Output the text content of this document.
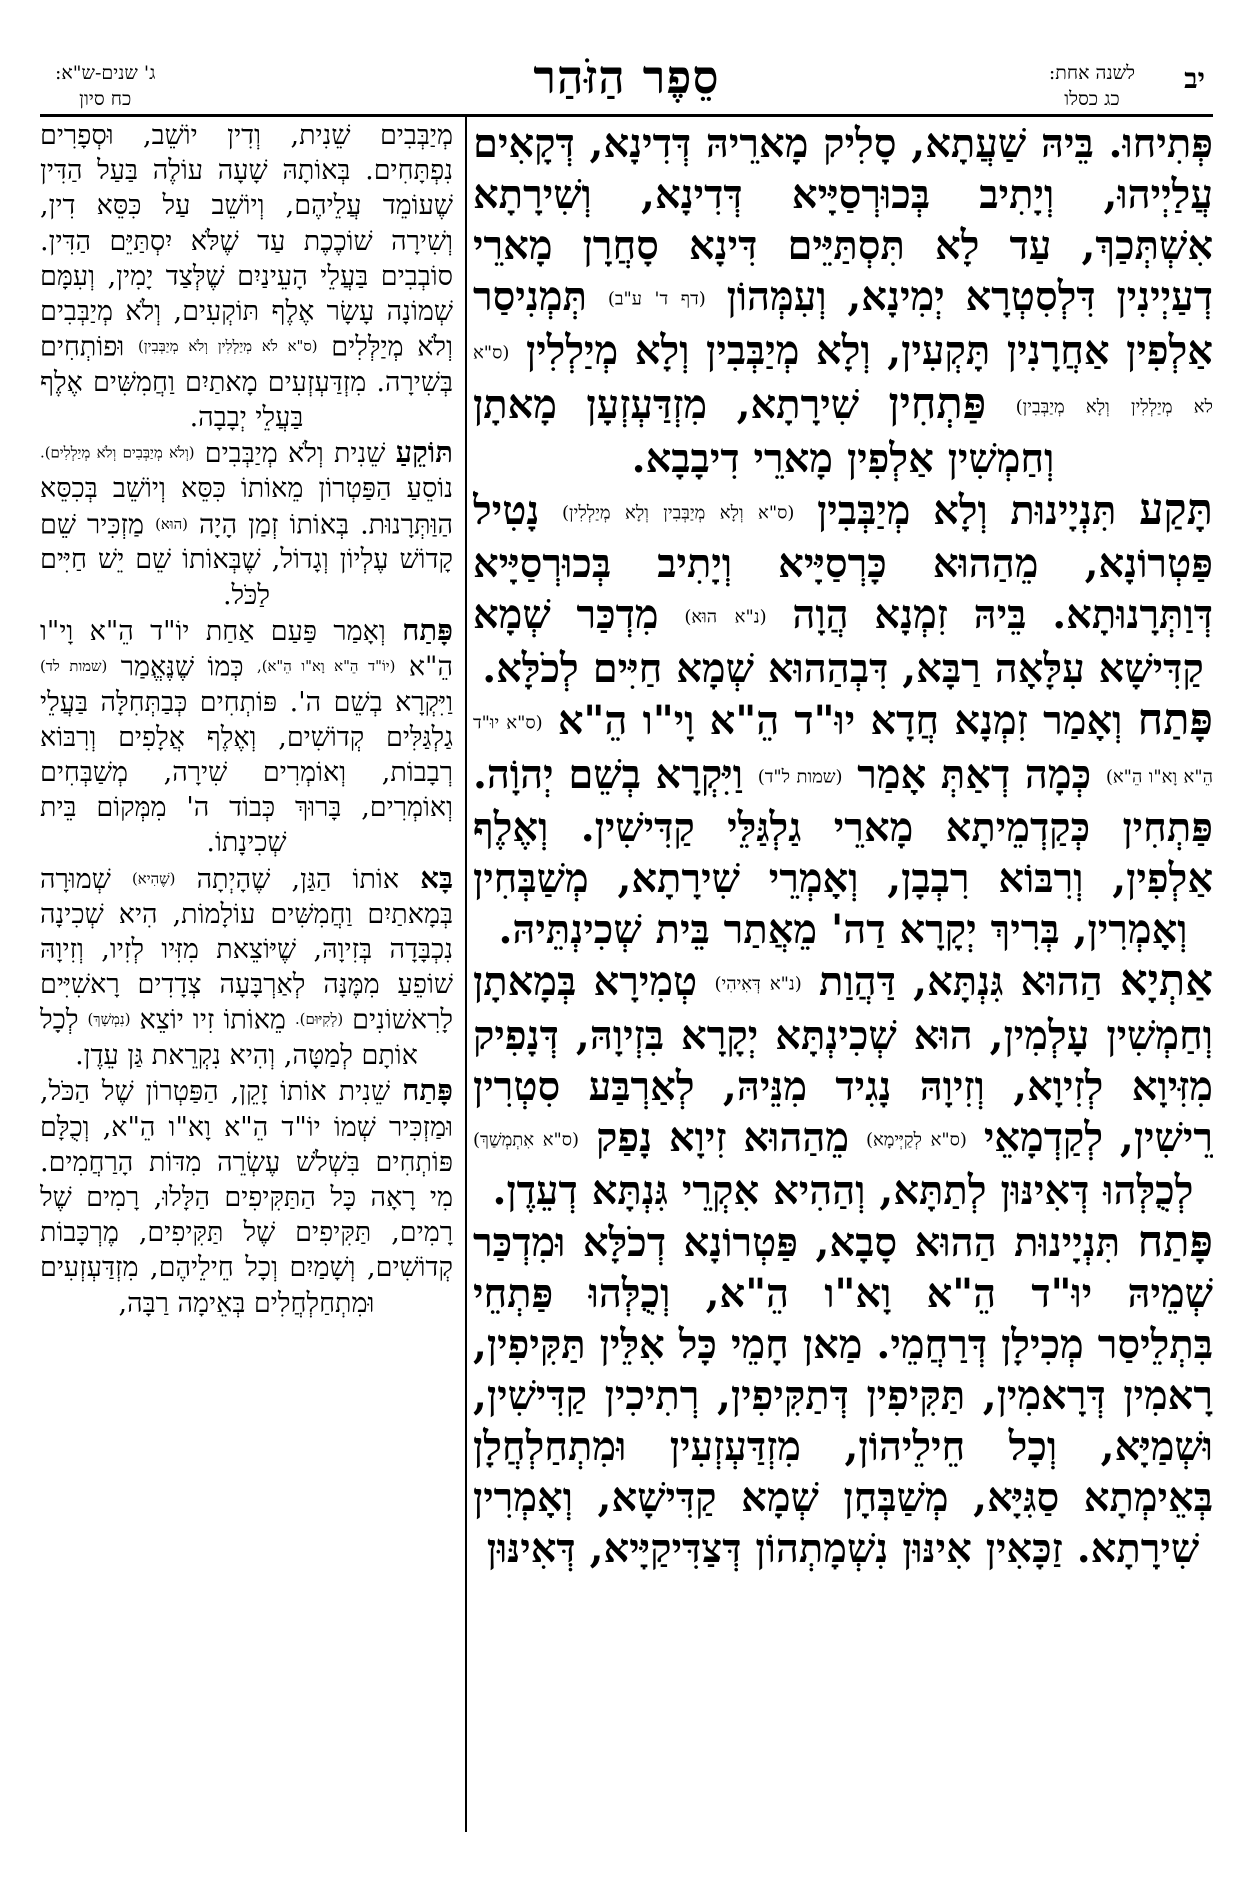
יב
לשנה אחת:
כג כסלו
סֵפֶר הַזֹּהַר
ג' שנים-ש"א:
כח סיון

פְּתִיחוּ. בֵּיהּ שַׁעֲתָא, סָלִיק מָארֵיהּ דְּדִינָא, דְּקָאִים עֲלַיְיהוּ, וְיָתִיב בְּכוּרְסַיָּיא דְּדִינָא, וְשִׁירָתָא אִשְׁתְּכַךְ, עַד לָא תִּסְתַּיֵּים דִּינָא סָחֲרָן מָארֵי דְעַיְינִין דִּלְסִטְרָא יְמִינָא, וְעִמְּהוֹן (דף ד' ע"ב) תְּמְנִיסַר אַלְפִין אַחֲרָנִין תָּקְעִין, וְלָא מְיַבְּבִין וְלָא מְיַלְלִין (ס"א לא מְיַלְלִין וְלָא מְיַבְּבִין) פַּתְחִין שִׁירָתָא, מִזְדַּעְזְעָן מָאתָן וְחַמְשִׁין אַלְפִין מָארֵי דִיבָבָא.

תָּקַע תִּנְיָינוּת וְלָא מְיַבְּבִין (ס"א וְלָא מְיַבְּבִין וְלָא מְיַלְלִין) נָטִיל פַּטְרוֹנָא, מֵהַהוּא כָּרְסַיָּיא וְיָתִיב בְּכוּרְסַיָּיא דְּוַתְּרָנוּתָא. בֵּיהּ זִמְנָא הֲוָה (נ"א הוּא) מִדְכַּר שְׁמָא קַדִּישָׁא עִלָּאָה רַבָּא, דִּבְהַהוּא שְׁמָא חַיִּים לְכֹלָּא.

פָּתַח וְאָמַר זִמְנָא חֲדָא יוּ"ד הֵ"א וָי"ו הֵ"א (ס"א יוּ"ד הֵ"א וָא"ו הֵ"א) כְּמָה דְאַתְּ אָמַר (שמות ל"ד) וַיִּקְרָא בְשֵׁם יְהוָֹה. פַּתְחִין כְּקַדְמֵיתָא מָארֵי גַלְגַּלֵּי קַדִּישִׁין. וְאֶלֶף אַלְפִין, וְרִבּוֹא רִבְבָן, וְאָמְרֵי שִׁירָתָא, מְשַׁבְּחִין וְאָמְרִין, בְּרִיךְ יְקָרָא דַה' מֵאֲתַר בֵּית שְׁכִינְתֵּיהּ.

אַתְיָא הַהוּא גִּנְתָּא, דַּהֲוַת (נ"א דְּאִיהִי) טְמִירָא בְּמָאתָן וְחַמְשִׁין עָלְמִין, הוּא שְׁכִינְתָּא יְקָרָא בִּזְיוָהּ, דְּנָפִיק מִזִּיוָא לְזִיוָא, וְזִיוָהּ נָגִיד מִנֵּיהּ, לְאַרְבַּע סִטְרִין רֵישִׁין, לְקַדְמָאֵי (ס"א לְקַיְּימָא) מֵהַהוּא זִיוָא נָפַק (ס"א אִתְמְשַׁךְ) לְכֻלְּהוּ דְּאִינּוּן לְתַתָּא, וְהַהִיא אִקְרֵי גִּנְתָּא דְעֵדֶן.

פָּתַח תִּנְיָינוּת הַהוּא סָבָא, פַּטְרוֹנָא דְכֹלָּא וּמִדְכַּר שְׁמֵיהּ יוּ"ד הֵ"א וָא"ו הֵ"א, וְכֻלְּהוּ פַּתְחֵי בִּתְלֵיסַר מְכִילָן דְּרַחֲמֵי. מַאן חָמֵי כָּל אִלֵּין תַּקִּיפִין, רָאמִין דְּרָאמִין, תַּקִּיפִין דְּתַקִּיפִין, רְתִיכִין קַדִּישִׁין, וּשְׁמַיָּא, וְכָל חֵילֵיהוֹן, מִזְדַּעְזְעִין וּמִתְחַלְחֲלָן בְּאֵימְתָא סַגִּיָּא, מְשַׁבְּחָן שְׁמָא קַדִּישָׁא, וְאָמְרִין שִׁירָתָא. זַכָּאִין אִינּוּן נִשְׁמָתְהוֹן דְּצַדִּיקַיָּיא, דְּאִינּוּן

מְיַבְּבִים שֵׁנִית, וְדִין יוֹשֵׁב, וּסְפָרִים נִפְתָּחִים. בְּאוֹתָהּ שָׁעָה עוֹלֶה בַּעַל הַדִּין שֶׁעוֹמֵד עֲלֵיהֶם, וְיוֹשֵׁב עַל כִּסֵּא דִין, וְשִׁירָה שׁוֹכֶכֶת עַד שֶׁלֹּא יִסְתַּיֵּם הַדִּין. סוֹבְבִים בַּעֲלֵי הָעֵינַיִם שֶׁלְּצַד יָמִין, וְעִמָּם שְׁמוֹנָה עָשָׂר אֶלֶף תּוֹקְעִים, וְלֹא מְיַבְּבִים וְלֹא מְיַלְּלִים (ס"א לֹא מְיַלְלִין וְלֹא מְיַבְּבִין) וּפוֹתְחִים בְּשִׁירָה. מִזְדַּעְזְעִים מָאתַיִם וַחֲמִשִּׁים אֶלֶף בַּעֲלֵי יְבָבָה.

תּוֹקֵעַ שֵׁנִית וְלֹא מְיַבְּבִים (וְלֹא מְיַבְּבִים וְלֹא מְיַלְלִים). נוֹסֵעַ הַפַּטְרוֹן מֵאוֹתוֹ כִּסֵּא וְיוֹשֵׁב בְּכִסֵּא הַוַּתְּרָנוּת. בְּאוֹתוֹ זְמַן הָיָה (הוּא) מַזְכִּיר שֵׁם קָדוֹשׁ עֶלְיוֹן וְגָדוֹל, שֶׁבְּאוֹתוֹ שֵׁם יֵשׁ חַיִּים לַכֹּל.

פָּתַח וְאָמַר פַּעַם אַחַת יוֹ"ד הֵ"א וָי"ו הֵ"א (יוֹ"ד הֵ"א וָא"ו הֵ"א), כְּמוֹ שֶׁנֶּאֱמַר (שמות לד) וַיִּקְרָא בְשֵׁם ה'. פּוֹתְחִים כְּבַתְּחִלָּה בַּעֲלֵי גַלְגַּלִּים קְדוֹשִׁים, וְאֶלֶף אֲלָפִים וְרִבּוֹא רְבָבוֹת, וְאוֹמְרִים שִׁירָה, מְשַׁבְּחִים וְאוֹמְרִים, בָּרוּךְ כְּבוֹד ה' מִמְּקוֹם בֵּית שְׁכִינָתוֹ.

בָּא אוֹתוֹ הַגַּן, שֶׁהָיְתָה (שֶׁהִיא) שְׁמוּרָה בְּמָאתַיִם וַחֲמִשִּׁים עוֹלָמוֹת, הִיא שְׁכִינָה נִכְבָּדָה בְּזִיוָהּ, שֶׁיּוֹצֵאת מִזִּיו לְזִיו, וְזִיוָהּ שׁוֹפֵעַ מִמֶּנָּה לְאַרְבָּעָה צְדָדִים רָאשִׁיִּים לָרִאשׁוֹנִים (לְקִיּוּם). מֵאוֹתוֹ זִיו יוֹצֵא (נִמְשָׁךְ) לְכָל אוֹתָם לְמַטָּה, וְהִיא נִקְרֵאת גַּן עֵדֶן.

פָּתַח שֵׁנִית אוֹתוֹ זָקֵן, הַפַּטְרוֹן שֶׁל הַכֹּל, וּמַזְכִּיר שְׁמוֹ יוֹ"ד הֵ"א וָא"ו הֵ"א, וְכֻלָּם פּוֹתְחִים בִּשְׁלֹשׁ עֶשְׂרֵה מִדּוֹת הָרַחֲמִים. מִי רָאָה כָּל הַתַּקִּיפִים הַלָּלוּ, רָמִים שֶׁל רָמִים, תַּקִּיפִים שֶׁל תַּקִּיפִים, מֶרְכָּבוֹת קְדוֹשִׁים, וְשָׁמַיִם וְכָל חֵילֵיהֶם, מִזְדַּעְזְעִים וּמִתְחַלְחֲלִים בְּאֵימָה רַבָּה,
